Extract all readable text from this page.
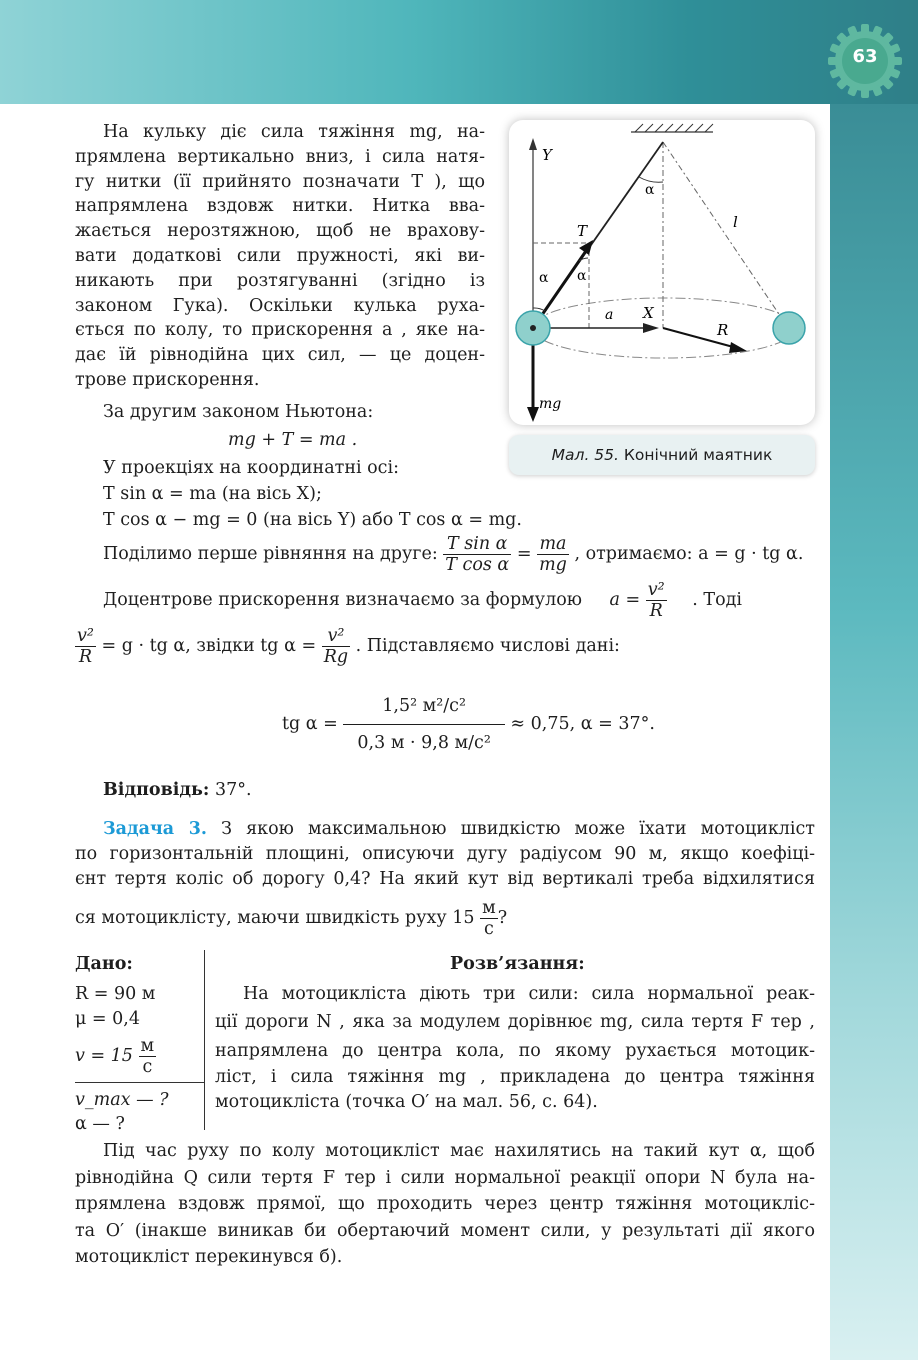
63
Y
X
T
a
mg
R
l
α
α α
Мал. 55. Конічний маятник
На кульку діє сила тяжіння mg, на-
прямлена вертикально вниз, і сила натя-
гу нитки (її прийнято позначати T ), що
напрямлена вздовж нитки. Нитка вва-
жається нерозтяжною, щоб не врахову-
вати додаткові сили пружності, які ви-
никають при розтягуванні (згідно із
законом Гука). Оскільки кулька руха-
ється по колу, то прискорення a , яке на-
дає їй рівнодійна цих сил, — це доцен-
трове прискорення.
За другим законом Ньютона:
mg + T = ma .
У проекціях на координатні осі:
T sin α = ma (на вісь X);
T cos α − mg = 0 (на вісь Y) або T cos α = mg.
Поділимо перше рівняння на друге: $\frac{\text{T sin α}}{\text{T cos α}} = \frac{ma}{mg}$ , отримаємо: a = g · tg α.
Доцентрове прискорення визначаємо за формулою $a = \frac{\text{v²}}{R}$ . Тоді
$\frac{\text{v²}}{R} = g$ · tg α, звідки tg $\alpha = \frac{\text{v²}}{Rg}$ . Підставляємо числові дані:
tg $\alpha = \frac{\text{1,5² м²/с²}}{\text{0,3 м · 9,8 м/с²}} \approx 0,75$, α = 37°.
Відповідь: 37°.
Задача 3. З якою максимальною швидкістю може їхати мотоцикліст
по горизонтальній площині, описуючи дугу радіусом 90 м, якщо коефіці-
єнт тертя коліс об дорогу 0,4? На який кут від вертикалі треба відхилятися
ся мотоциклісту, маючи швидкість руху $15 \frac{м}{с}$ ?
Дано:
R = 90 м
μ = 0,4
$v = 15 \frac{м}{с}$
v_max — ?
α — ?
Розв’язання:
На мотоцикліста діють три сили: сила нормальної реак-
ції дороги N , яка за модулем дорівнює mg, сила тертя F тер ,
напрямлена до центра кола, по якому рухається мотоцик-
ліст, і сила тяжіння mg , прикладена до центра тяжіння
мотоцикліста (точка O′ на мал. 56, с. 64).
Під час руху по колу мотоцикліст має нахилятись на такий кут α, щоб
рівнодійна Q сили тертя F тер і сили нормальної реакції опори N була на-
прямлена вздовж прямої, що проходить через центр тяжіння мотоцикліс-
та O′ (інакше виникав би обертаючий момент сили, у результаті дії якого
мотоцикліст перекинувся б).
